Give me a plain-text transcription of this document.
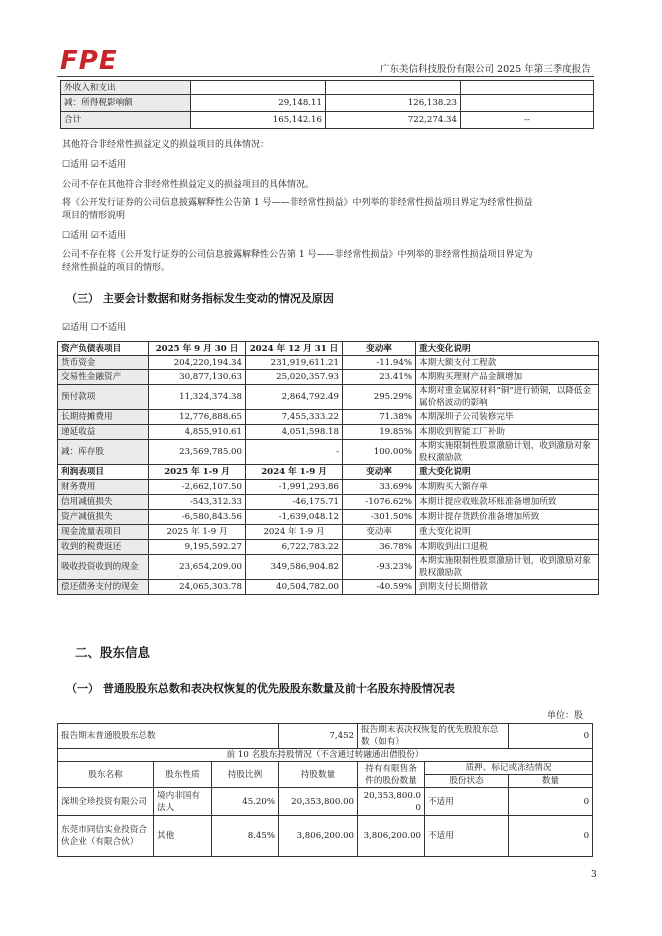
FPE	广东美信科技股份有限公司 2025 年第三季度报告
外收入和支出			
减：所得税影响额	29,148.11	126,138.23	
合计	165,142.16	722,274.34	--
其他符合非经常性损益定义的损益项目的具体情况：
☐适用 ☑不适用
公司不存在其他符合非经常性损益定义的损益项目的具体情况。
将《公开发行证券的公司信息披露解释性公告第 1 号——非经常性损益》中列举的非经常性损益项目界定为经常性损益
项目的情形说明
☐适用 ☑不适用
公司不存在将《公开发行证券的公司信息披露解释性公告第 1 号——非经常性损益》中列举的非经常性损益项目界定为
经常性损益的项目的情形。
（三） 主要会计数据和财务指标发生变动的情况及原因
☑适用 ☐不适用
资产负债表项目	2025 年 9 月 30 日	2024 年 12 月 31 日	变动率	重大变化说明
货币资金	204,220,194.34	231,919,611.21	-11.94%	本期大额支付工程款
交易性金融资产	30,877,130.63	25,020,357.93	23.41%	本期购买理财产品金额增加
预付款项	11,324,374.38	2,864,792.49	295.29%	本期对重金属原材料“铜”进行锁铜，以降低金属价格波动的影响
长期待摊费用	12,776,888.65	7,455,333.22	71.38%	本期深圳子公司装修完毕
递延收益	4,855,910.61	4,051,598.18	19.85%	本期收到智能工厂补助
减：库存股	23,569,785.00	-	100.00%	本期实施限制性股票激励计划，收到激励对象股权激励款
利润表项目	2025 年 1-9 月	2024 年 1-9 月	变动率	重大变化说明
财务费用	-2,662,107.50	-1,991,293.86	33.69%	本期购买大额存单
信用减值损失	-543,312.33	-46,175.71	-1076.62%	本期计提应收账款坏账准备增加所致
资产减值损失	-6,580,843.56	-1,639,048.12	-301.50%	本期计提存货跌价准备增加所致
现金流量表项目	2025 年 1-9 月	2024 年 1-9 月	变动率	重大变化说明
收到的税费返还	9,195,592.27	6,722,783.22	36.78%	本期收到出口退税
吸收投资收到的现金	23,654,209.00	349,586,904.82	-93.23%	本期实施限制性股票激励计划，收到激励对象股权激励款
偿还债务支付的现金	24,065,303.78	40,504,782.00	-40.59%	到期支付长期借款
二、股东信息
（一） 普通股股东总数和表决权恢复的优先股股东数量及前十名股东持股情况表
单位：股
报告期末普通股股东总数			7,452	报告期末表决权恢复的优先股股东总数（如有）		0
前 10 名股东持股情况（不含通过转融通出借股份）						
股东名称	股东性质	持股比例	持股数量	持有有限售条件的股份数量	质押、标记或冻结情况	
					股份状态	数量
深圳全珍投资有限公司	境内非国有法人	45.20%	20,353,800.00	20,353,800.00	不适用	0
东莞市同信实业投资合伙企业（有限合伙）	其他	8.45%	3,806,200.00	3,806,200.00	不适用	0
3
